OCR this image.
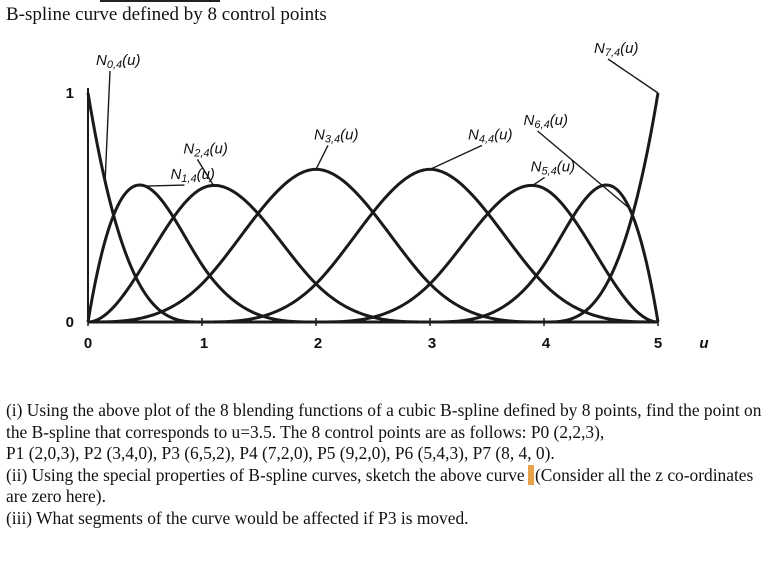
B-spline curve defined by 8 control points
$N_{0,4}(u)$
$N_{1,4}(u)$
$N_{2,4}(u)$
$N_{3,4}(u)$	$N_{4,4}(u)$
$N_{5,4}(u)$
$N_{6,4}(u)$
$N_{7,4}(u)$
0	1	2	3	4	5
0
1
u

(i) Using the above plot of the 8 blending functions of a cubic B-spline defined by 8 points, find the point on the B-spline that corresponds to u=3.5. The 8 control points are as follows: P0 (2,2,3),

P1 (2,0,3), P2 (3,4,0), P3 (6,5,2), P4 (7,2,0), P5 (9,2,0), P6 (5,4,3), P7 (8, 4, 0).

(ii) Using the special properties of B-spline curves, sketch the above curve (Consider all the z co-ordinates are zero here).

(iii) What segments of the curve would be affected if P3 is moved.
